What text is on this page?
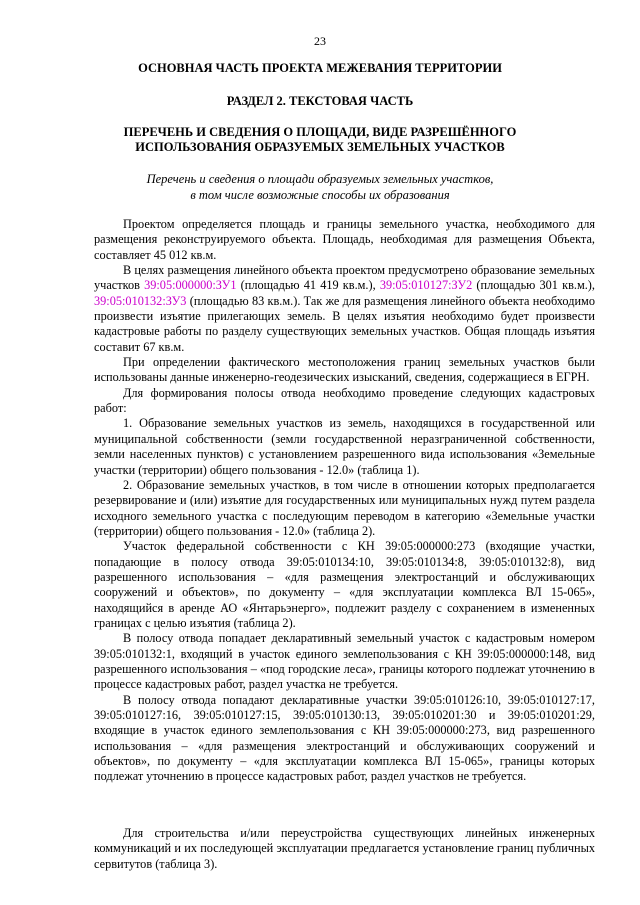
23
ОСНОВНАЯ ЧАСТЬ ПРОЕКТА МЕЖЕВАНИЯ ТЕРРИТОРИИ
РАЗДЕЛ 2. ТЕКСТОВАЯ ЧАСТЬ
ПЕРЕЧЕНЬ И СВЕДЕНИЯ О ПЛОЩАДИ, ВИДЕ РАЗРЕШЁННОГО
ИСПОЛЬЗОВАНИЯ ОБРАЗУЕМЫХ ЗЕМЕЛЬНЫХ УЧАСТКОВ
Перечень и сведения о площади образуемых земельных участков,
в том числе возможные способы их образования

Проектом определяется площадь и границы земельного участка, необходимого для размещения реконструируемого объекта. Площадь, необходимая для размещения Объекта, составляет 45 012 кв.м.

В целях размещения линейного объекта проектом предусмотрено образование земельных участков 39:05:000000:ЗУ1 (площадью 41 419 кв.м.), 39:05:010127:ЗУ2 (площадью 301 кв.м.), 39:05:010132:ЗУ3 (площадью 83 кв.м.). Так же для размещения линейного объекта необходимо произвести изъятие прилегающих земель. В целях изъятия необходимо будет произвести кадастровые работы по разделу существующих земельных участков. Общая площадь изъятия составит 67 кв.м.

При определении фактического местоположения границ земельных участков были использованы данные инженерно-геодезических изысканий, сведения, содержащиеся в ЕГРН.

Для формирования полосы отвода необходимо проведение следующих кадастровых работ:

1. Образование земельных участков из земель, находящихся в государственной или муниципальной собственности (земли государственной неразграниченной собственности, земли населенных пунктов) с установлением разрешенного вида использования «Земельные участки (территории) общего пользования - 12.0» (таблица 1).

2. Образование земельных участков, в том числе в отношении которых предполагается резервирование и (или) изъятие для государственных или муниципальных нужд путем раздела исходного земельного участка с последующим переводом в категорию «Земельные участки (территории) общего пользования - 12.0» (таблица 2).

Участок федеральной собственности с КН 39:05:000000:273 (входящие участки, попадающие в полосу отвода 39:05:010134:10, 39:05:010134:8, 39:05:010132:8), вид разрешенного использования – «для размещения электростанций и обслуживающих сооружений и объектов», по документу – «для эксплуатации комплекса ВЛ 15-065», находящийся в аренде АО «Янтарьэнерго», подлежит разделу с сохранением в измененных границах с целью изъятия (таблица 2).

В полосу отвода попадает декларативный земельный участок с кадастровым номером 39:05:010132:1, входящий в участок единого землепользования с КН 39:05:000000:148, вид разрешенного использования – «под городские леса», границы которого подлежат уточнению в процессе кадастровых работ, раздел участка не требуется.

В полосу отвода попадают декларативные участки 39:05:010126:10, 39:05:010127:17, 39:05:010127:16, 39:05:010127:15, 39:05:010130:13, 39:05:010201:30 и 39:05:010201:29, входящие в участок единого землепользования с КН 39:05:000000:273, вид разрешенного использования – «для размещения электростанций и обслуживающих сооружений и объектов», по документу – «для эксплуатации комплекса ВЛ 15-065», границы которых подлежат уточнению в процессе кадастровых работ, раздел участков не требуется.

Для строительства и/или переустройства существующих линейных инженерных коммуникаций и их последующей эксплуатации предлагается установление границ публичных сервитутов (таблица 3).
